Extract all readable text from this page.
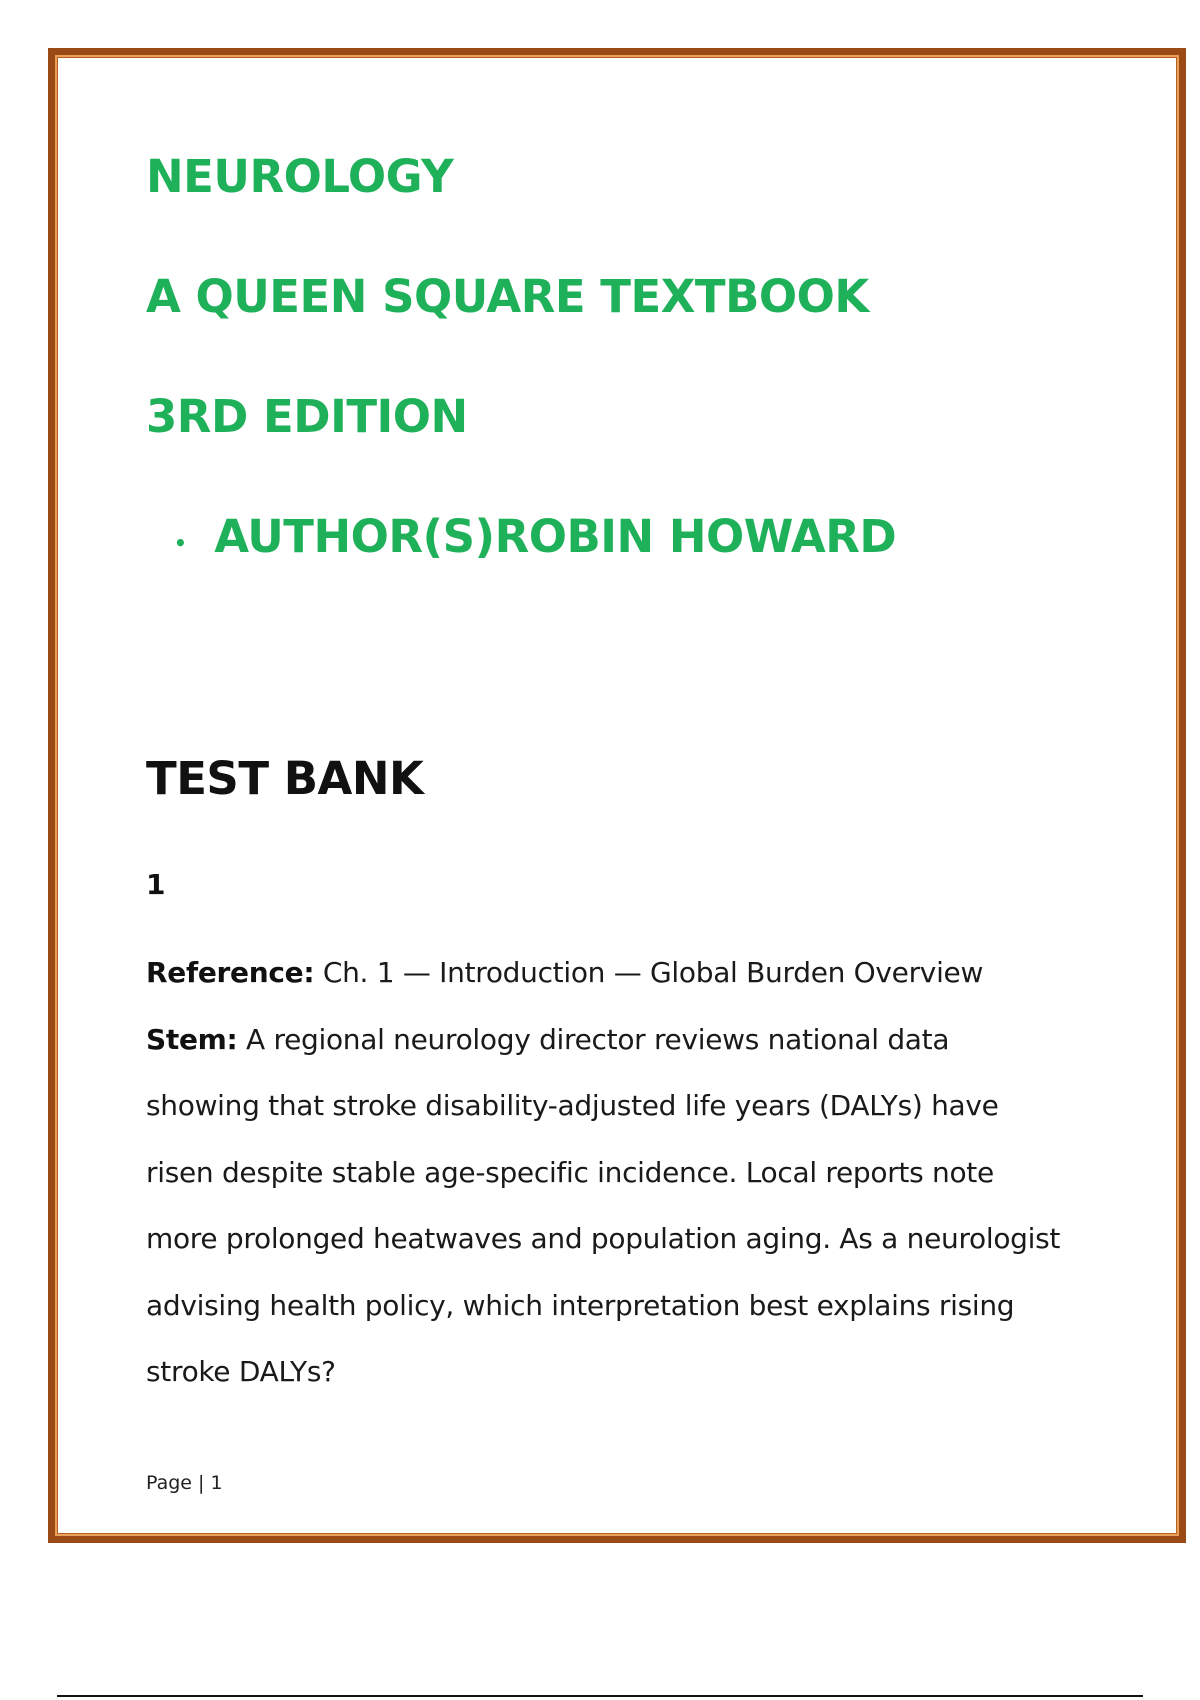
NEUROLOGY
A QUEEN SQUARE TEXTBOOK
3RD EDITION
• AUTHOR(S)ROBIN HOWARD
TEST BANK
1

Reference: Ch. 1 — Introduction — Global Burden Overview

Stem: A regional neurology director reviews national data showing that stroke disability-adjusted life years (DALYs) have risen despite stable age-specific incidence. Local reports note more prolonged heatwaves and population aging. As a neurologist advising health policy, which interpretation best explains rising stroke DALYs?

Page | 1
